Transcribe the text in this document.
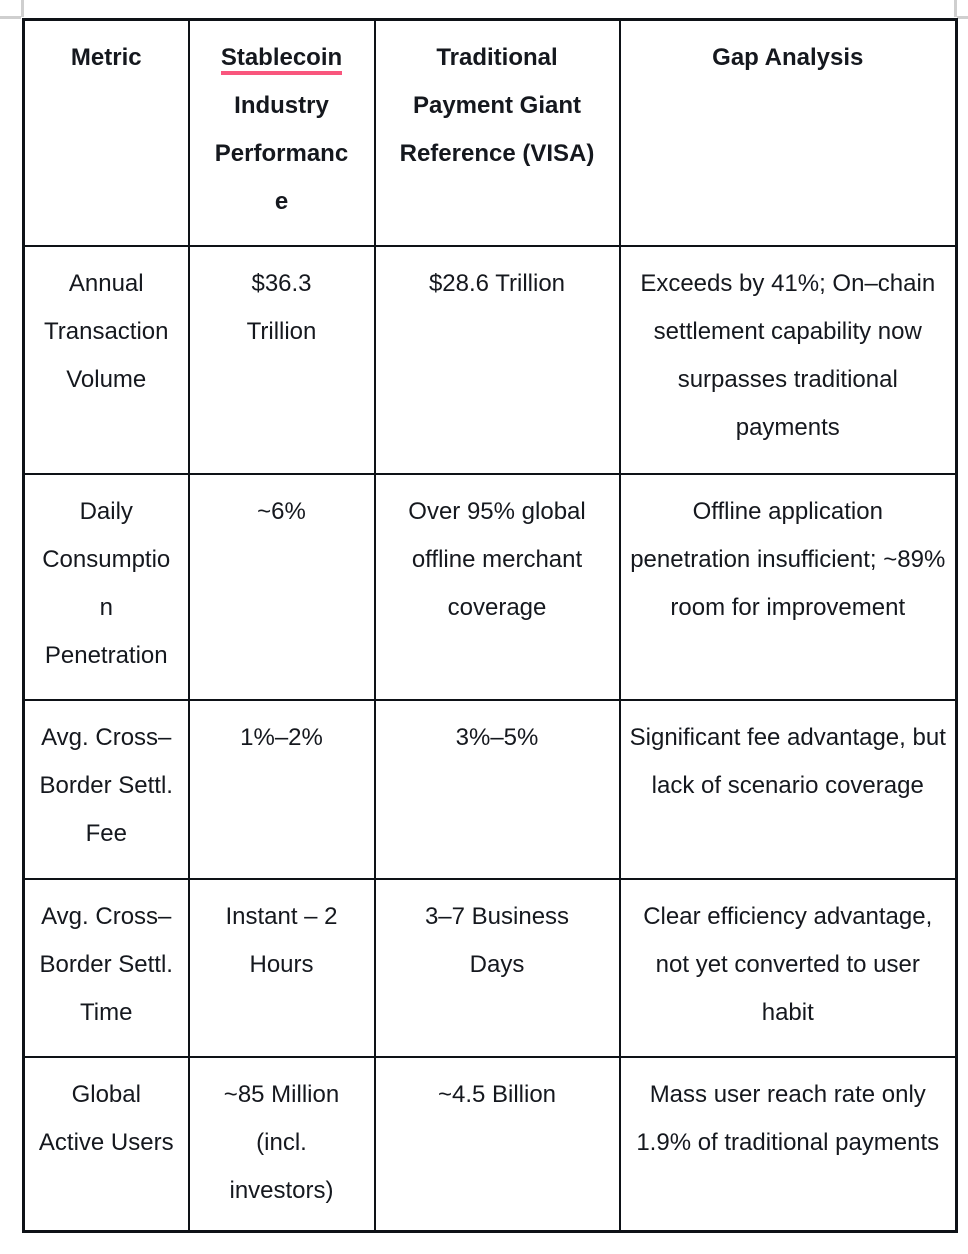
Metric	Stablecoin Industry Performance	Traditional Payment Giant Reference (VISA)	Gap Analysis
Annual Transaction Volume	$36.3 Trillion	$28.6 Trillion	Exceeds by 41%; On–chain settlement capability now surpasses traditional payments
Daily Consumption Penetration	~6%	Over 95% global offline merchant coverage	Offline application penetration insufficient; ~89% room for improvement
Avg. Cross–Border Settl. Fee	1%–2%	3%–5%	Significant fee advantage, but lack of scenario coverage
Avg. Cross–Border Settl. Time	Instant – 2 Hours	3–7 Business Days	Clear efficiency advantage, not yet converted to user habit
Global Active Users	~85 Million (incl. investors)	~4.5 Billion	Mass user reach rate only 1.9% of traditional payments
